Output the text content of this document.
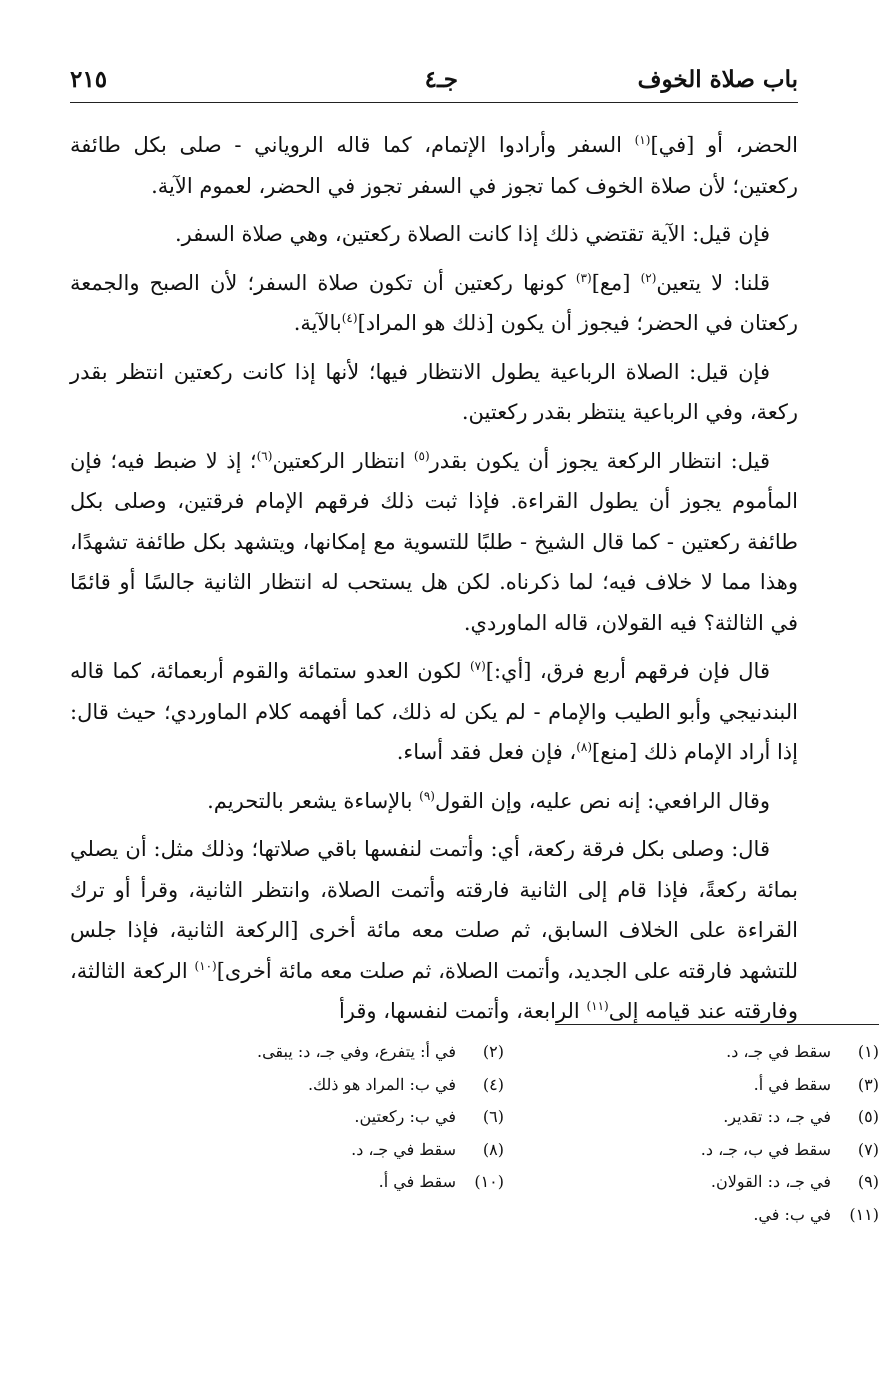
باب صلاة الخوف
جـ٤
٢١٥

الحضر، أو [في]$^{(١)}$ السفر وأرادوا الإتمام، كما قاله الروياني - صلى بكل طائفة ركعتين؛ لأن صلاة الخوف كما تجوز في السفر تجوز في الحضر، لعموم الآية.

فإن قيل: الآية تقتضي ذلك إذا كانت الصلاة ركعتين، وهي صلاة السفر.

قلنا: لا يتعين$^{(٢)}$ [مع]$^{(٣)}$ كونها ركعتين أن تكون صلاة السفر؛ لأن الصبح والجمعة ركعتان في الحضر؛ فيجوز أن يكون [ذلك هو المراد]$^{(٤)}$بالآية.

فإن قيل: الصلاة الرباعية يطول الانتظار فيها؛ لأنها إذا كانت ركعتين انتظر بقدر ركعة، وفي الرباعية ينتظر بقدر ركعتين.

قيل: انتظار الركعة يجوز أن يكون بقدر$^{(٥)}$ انتظار الركعتين$^{(٦)}$؛ إذ لا ضبط فيه؛ فإن المأموم يجوز أن يطول القراءة. فإذا ثبت ذلك فرقهم الإمام فرقتين، وصلى بكل طائفة ركعتين - كما قال الشيخ - طلبًا للتسوية مع إمكانها، ويتشهد بكل طائفة تشهدًا، وهذا مما لا خلاف فيه؛ لما ذكرناه. لكن هل يستحب له انتظار الثانية جالسًا أو قائمًا في الثالثة؟ فيه القولان، قاله الماوردي.

قال فإن فرقهم أربع فرق، [أي:]$^{(٧)}$ لكون العدو ستمائة والقوم أربعمائة، كما قاله البندنيجي وأبو الطيب والإمام - لم يكن له ذلك، كما أفهمه كلام الماوردي؛ حيث قال: إذا أراد الإمام ذلك [منع]$^{(٨)}$، فإن فعل فقد أساء.

وقال الرافعي: إنه نص عليه، وإن القول$^{(٩)}$ بالإساءة يشعر بالتحريم.

قال: وصلى بكل فرقة ركعة، أي: وأتمت لنفسها باقي صلاتها؛ وذلك مثل: أن يصلي بمائة ركعةً، فإذا قام إلى الثانية فارقته وأتمت الصلاة، وانتظر الثانية، وقرأ أو ترك القراءة على الخلاف السابق، ثم صلت معه مائة أخرى [الركعة الثانية، فإذا جلس للتشهد فارقته على الجديد، وأتمت الصلاة، ثم صلت معه مائة أخرى]$^{(١٠)}$ الركعة الثالثة، وفارقته عند قيامه إلى$^{(١١)}$ الرابعة، وأتمت لنفسها، وقرأ

(١)سقط في جـ، د.
(٣)سقط في أ.
(٥)في جـ، د: تقدير.
(٧)سقط في ب، جـ، د.
(٩)في جـ، د: القولان.
(١١)في ب: في.
(٢)في أ: يتفرع، وفي جـ، د: يبقى.
(٤)في ب: المراد هو ذلك.
(٦)في ب: ركعتين.
(٨)سقط في جـ، د.
(١٠)سقط في أ.
